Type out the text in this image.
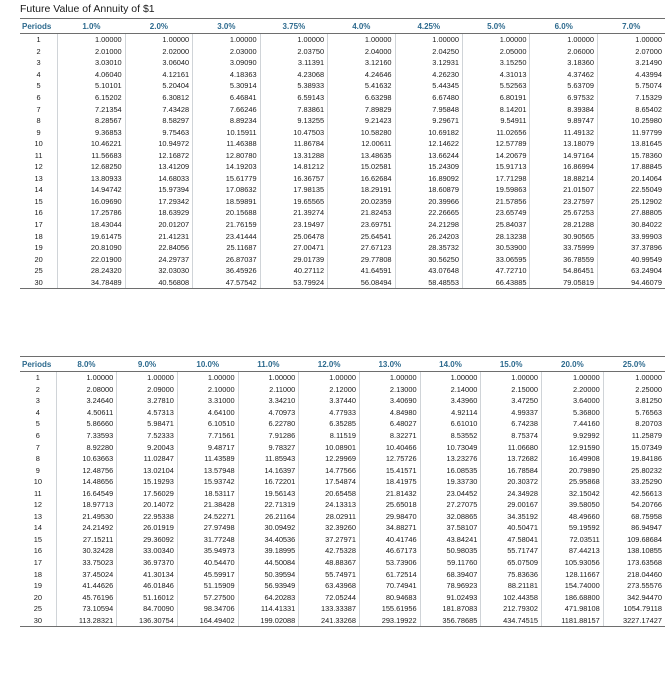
Future Value of Annuity of $1
Periods	1.0%	2.0%	3.0%	3.75%	4.0%	4.25%	5.0%	6.0%	7.0%
1	1.00000	1.00000	1.00000	1.00000	1.00000	1.00000	1.00000	1.00000	1.00000
2	2.01000	2.02000	2.03000	2.03750	2.04000	2.04250	2.05000	2.06000	2.07000
3	3.03010	3.06040	3.09090	3.11391	3.12160	3.12931	3.15250	3.18360	3.21490
4	4.06040	4.12161	4.18363	4.23068	4.24646	4.26230	4.31013	4.37462	4.43994
5	5.10101	5.20404	5.30914	5.38933	5.41632	5.44345	5.52563	5.63709	5.75074
6	6.15202	6.30812	6.46841	6.59143	6.63298	6.67480	6.80191	6.97532	7.15329
7	7.21354	7.43428	7.66246	7.83861	7.89829	7.95848	8.14201	8.39384	8.65402
8	8.28567	8.58297	8.89234	9.13255	9.21423	9.29671	9.54911	9.89747	10.25980
9	9.36853	9.75463	10.15911	10.47503	10.58280	10.69182	11.02656	11.49132	11.97799
10	10.46221	10.94972	11.46388	11.86784	12.00611	12.14622	12.57789	13.18079	13.81645
11	11.56683	12.16872	12.80780	13.31288	13.48635	13.66244	14.20679	14.97164	15.78360
12	12.68250	13.41209	14.19203	14.81212	15.02581	15.24309	15.91713	16.86994	17.88845
13	13.80933	14.68033	15.61779	16.36757	16.62684	16.89092	17.71298	18.88214	20.14064
14	14.94742	15.97394	17.08632	17.98135	18.29191	18.60879	19.59863	21.01507	22.55049
15	16.09690	17.29342	18.59891	19.65565	20.02359	20.39966	21.57856	23.27597	25.12902
16	17.25786	18.63929	20.15688	21.39274	21.82453	22.26665	23.65749	25.67253	27.88805
17	18.43044	20.01207	21.76159	23.19497	23.69751	24.21298	25.84037	28.21288	30.84022
18	19.61475	21.41231	23.41444	25.06478	25.64541	26.24203	28.13238	30.90565	33.99903
19	20.81090	22.84056	25.11687	27.00471	27.67123	28.35732	30.53900	33.75999	37.37896
20	22.01900	24.29737	26.87037	29.01739	29.77808	30.56250	33.06595	36.78559	40.99549
25	28.24320	32.03030	36.45926	40.27112	41.64591	43.07648	47.72710	54.86451	63.24904
30	34.78489	40.56808	47.57542	53.79924	56.08494	58.48553	66.43885	79.05819	94.46079
Periods	8.0%	9.0%	10.0%	11.0%	12.0%	13.0%	14.0%	15.0%	20.0%	25.0%
1	1.00000	1.00000	1.00000	1.00000	1.00000	1.00000	1.00000	1.00000	1.00000	1.00000
2	2.08000	2.09000	2.10000	2.11000	2.12000	2.13000	2.14000	2.15000	2.20000	2.25000
3	3.24640	3.27810	3.31000	3.34210	3.37440	3.40690	3.43960	3.47250	3.64000	3.81250
4	4.50611	4.57313	4.64100	4.70973	4.77933	4.84980	4.92114	4.99337	5.36800	5.76563
5	5.86660	5.98471	6.10510	6.22780	6.35285	6.48027	6.61010	6.74238	7.44160	8.20703
6	7.33593	7.52333	7.71561	7.91286	8.11519	8.32271	8.53552	8.75374	9.92992	11.25879
7	8.92280	9.20043	9.48717	9.78327	10.08901	10.40466	10.73049	11.06680	12.91590	15.07349
8	10.63663	11.02847	11.43589	11.85943	12.29969	12.75726	13.23276	13.72682	16.49908	19.84186
9	12.48756	13.02104	13.57948	14.16397	14.77566	15.41571	16.08535	16.78584	20.79890	25.80232
10	14.48656	15.19293	15.93742	16.72201	17.54874	18.41975	19.33730	20.30372	25.95868	33.25290
11	16.64549	17.56029	18.53117	19.56143	20.65458	21.81432	23.04452	24.34928	32.15042	42.56613
12	18.97713	20.14072	21.38428	22.71319	24.13313	25.65018	27.27075	29.00167	39.58050	54.20766
13	21.49530	22.95338	24.52271	26.21164	28.02911	29.98470	32.08865	34.35192	48.49660	68.75958
14	24.21492	26.01919	27.97498	30.09492	32.39260	34.88271	37.58107	40.50471	59.19592	86.94947
15	27.15211	29.36092	31.77248	34.40536	37.27971	40.41746	43.84241	47.58041	72.03511	109.68684
16	30.32428	33.00340	35.94973	39.18995	42.75328	46.67173	50.98035	55.71747	87.44213	138.10855
17	33.75023	36.97370	40.54470	44.50084	48.88367	53.73906	59.11760	65.07509	105.93056	173.63568
18	37.45024	41.30134	45.59917	50.39594	55.74971	61.72514	68.39407	75.83636	128.11667	218.04460
19	41.44626	46.01846	51.15909	56.93949	63.43968	70.74941	78.96923	88.21181	154.74000	273.55576
20	45.76196	51.16012	57.27500	64.20283	72.05244	80.94683	91.02493	102.44358	186.68800	342.94470
25	73.10594	84.70090	98.34706	114.41331	133.33387	155.61956	181.87083	212.79302	471.98108	1054.79118
30	113.28321	136.30754	164.49402	199.02088	241.33268	293.19922	356.78685	434.74515	1181.88157	3227.17427
